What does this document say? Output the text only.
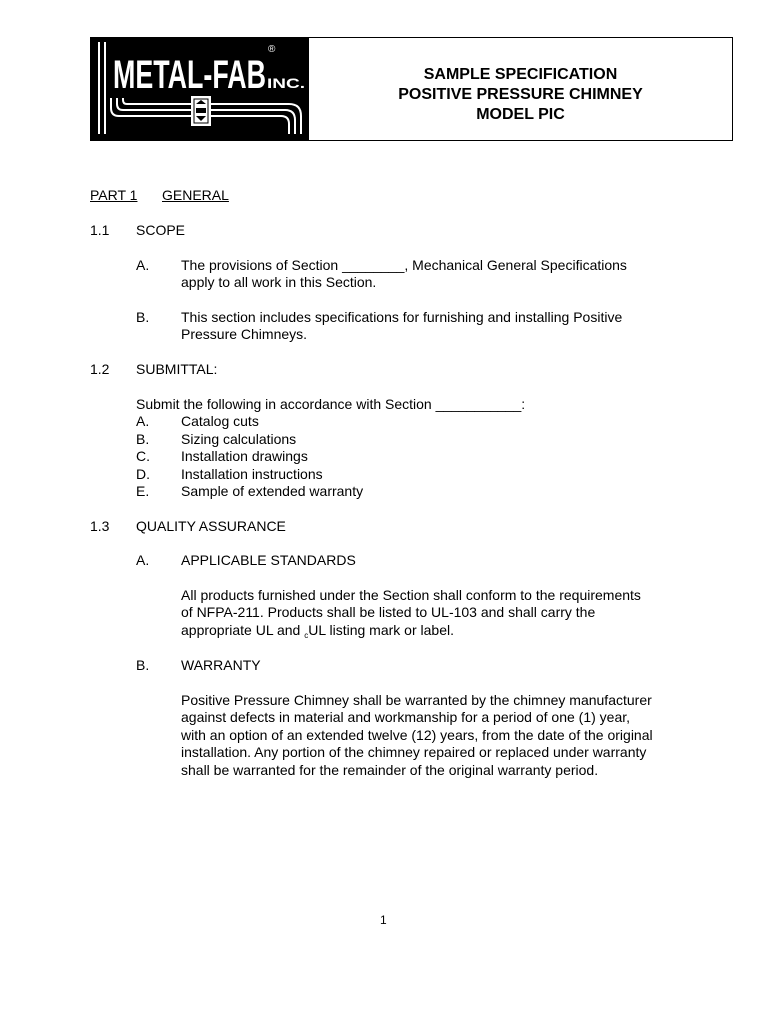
METAL-FAB INC.
®
SAMPLE SPECIFICATION
POSITIVE PRESSURE CHIMNEY
MODEL PIC
PART 1 GENERAL
1.1 SCOPE
A. The provisions of Section ________, Mechanical General Specifications
apply to all work in this Section.
B. This section includes specifications for furnishing and installing Positive
Pressure Chimneys.
1.2 SUBMITTAL:
Submit the following in accordance with Section ___________:
A. Catalog cuts
B. Sizing calculations
C. Installation drawings
D. Installation instructions
E. Sample of extended warranty
1.3 QUALITY ASSURANCE
A. APPLICABLE STANDARDS
All products furnished under the Section shall conform to the requirements
of NFPA-211. Products shall be listed to UL-103 and shall carry the
appropriate UL and $_c$UL listing mark or label.
B. WARRANTY
Positive Pressure Chimney shall be warranted by the chimney manufacturer
against defects in material and workmanship for a period of one (1) year,
with an option of an extended twelve (12) years, from the date of the original
installation. Any portion of the chimney repaired or replaced under warranty
shall be warranted for the remainder of the original warranty period.
1
